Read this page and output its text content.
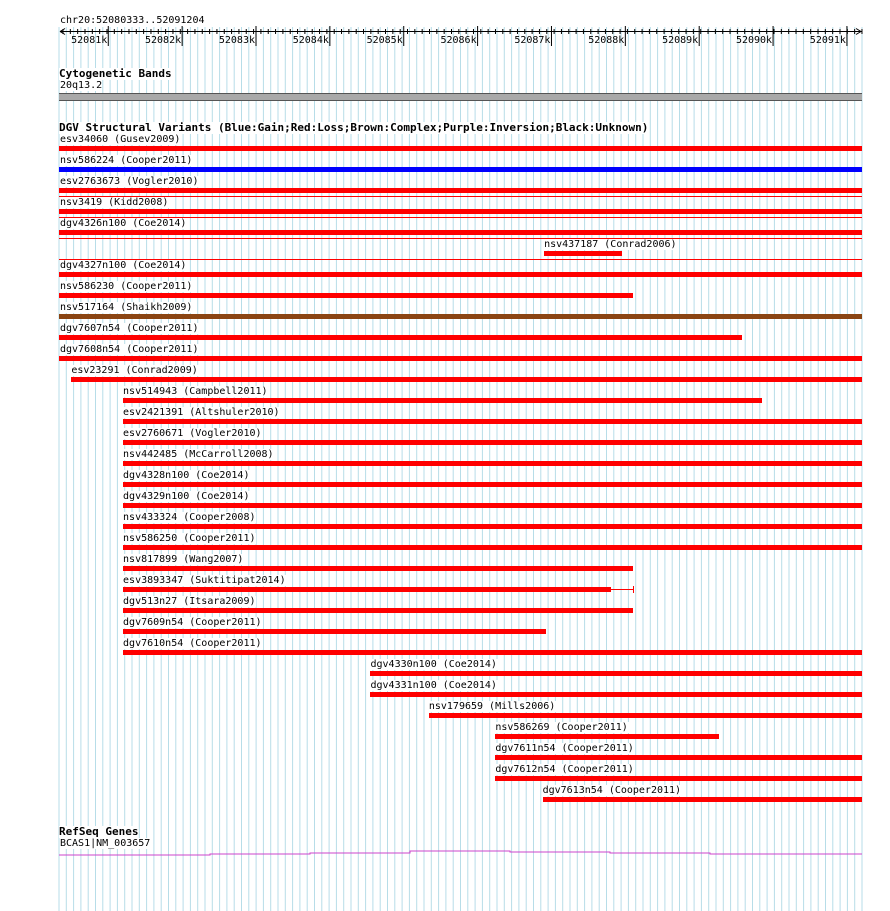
chr20:52080333..52091204
52081k	52082k	52083k	52084k	52085k	52086k	52087k	52088k	52089k	52090k	52091k
Cytogenetic Bands
20q13.2
DGV Structural Variants (Blue:Gain;Red:Loss;Brown:Complex;Purple:Inversion;Black:Unknown)
esv34060 (Gusev2009)
nsv586224 (Cooper2011)
esv2763673 (Vogler2010)
nsv3419 (Kidd2008)
dgv4326n100 (Coe2014)
nsv437187 (Conrad2006)
dgv4327n100 (Coe2014)
nsv586230 (Cooper2011)
nsv517164 (Shaikh2009)
dgv7607n54 (Cooper2011)
dgv7608n54 (Cooper2011)
esv23291 (Conrad2009)
nsv514943 (Campbell2011)
esv2421391 (Altshuler2010)
esv2760671 (Vogler2010)
nsv442485 (McCarroll2008)
dgv4328n100 (Coe2014)
dgv4329n100 (Coe2014)
nsv433324 (Cooper2008)
nsv586250 (Cooper2011)
nsv817899 (Wang2007)
esv3893347 (Suktitipat2014)
dgv513n27 (Itsara2009)
dgv7609n54 (Cooper2011)
dgv7610n54 (Cooper2011)
dgv4330n100 (Coe2014)
dgv4331n100 (Coe2014)
nsv179659 (Mills2006)
nsv586269 (Cooper2011)
dgv7611n54 (Cooper2011)
dgv7612n54 (Cooper2011)
dgv7613n54 (Cooper2011)
RefSeq Genes
BCAS1|NM_003657
